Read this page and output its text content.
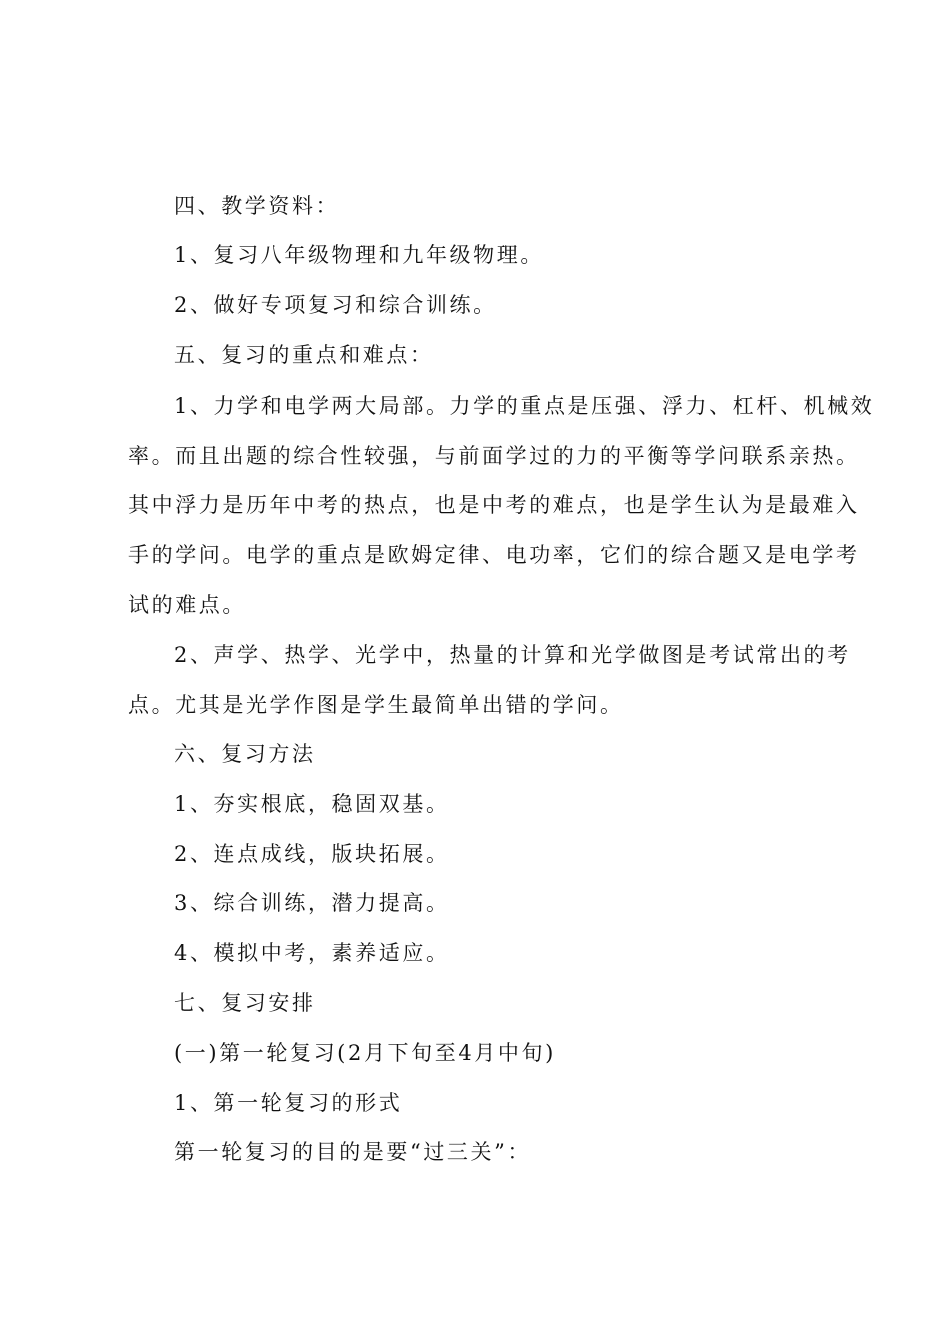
四、教学资料：
1、复习八年级物理和九年级物理。
2、做好专项复习和综合训练。
五、复习的重点和难点：
1、力学和电学两大局部。力学的重点是压强、浮力、杠杆、机械效
率。而且出题的综合性较强，与前面学过的力的平衡等学问联系亲热。
其中浮力是历年中考的热点，也是中考的难点，也是学生认为是最难入
手的学问。电学的重点是欧姆定律、电功率，它们的综合题又是电学考
试的难点。
2、声学、热学、光学中，热量的计算和光学做图是考试常出的考
点。尤其是光学作图是学生最简单出错的学问。
六、复习方法
1、夯实根底，稳固双基。
2、连点成线，版块拓展。
3、综合训练，潜力提高。
4、模拟中考，素养适应。
七、复习安排
(一)第一轮复习(2月下旬至4月中旬)
1、第一轮复习的形式
第一轮复习的目的是要“过三关”：
